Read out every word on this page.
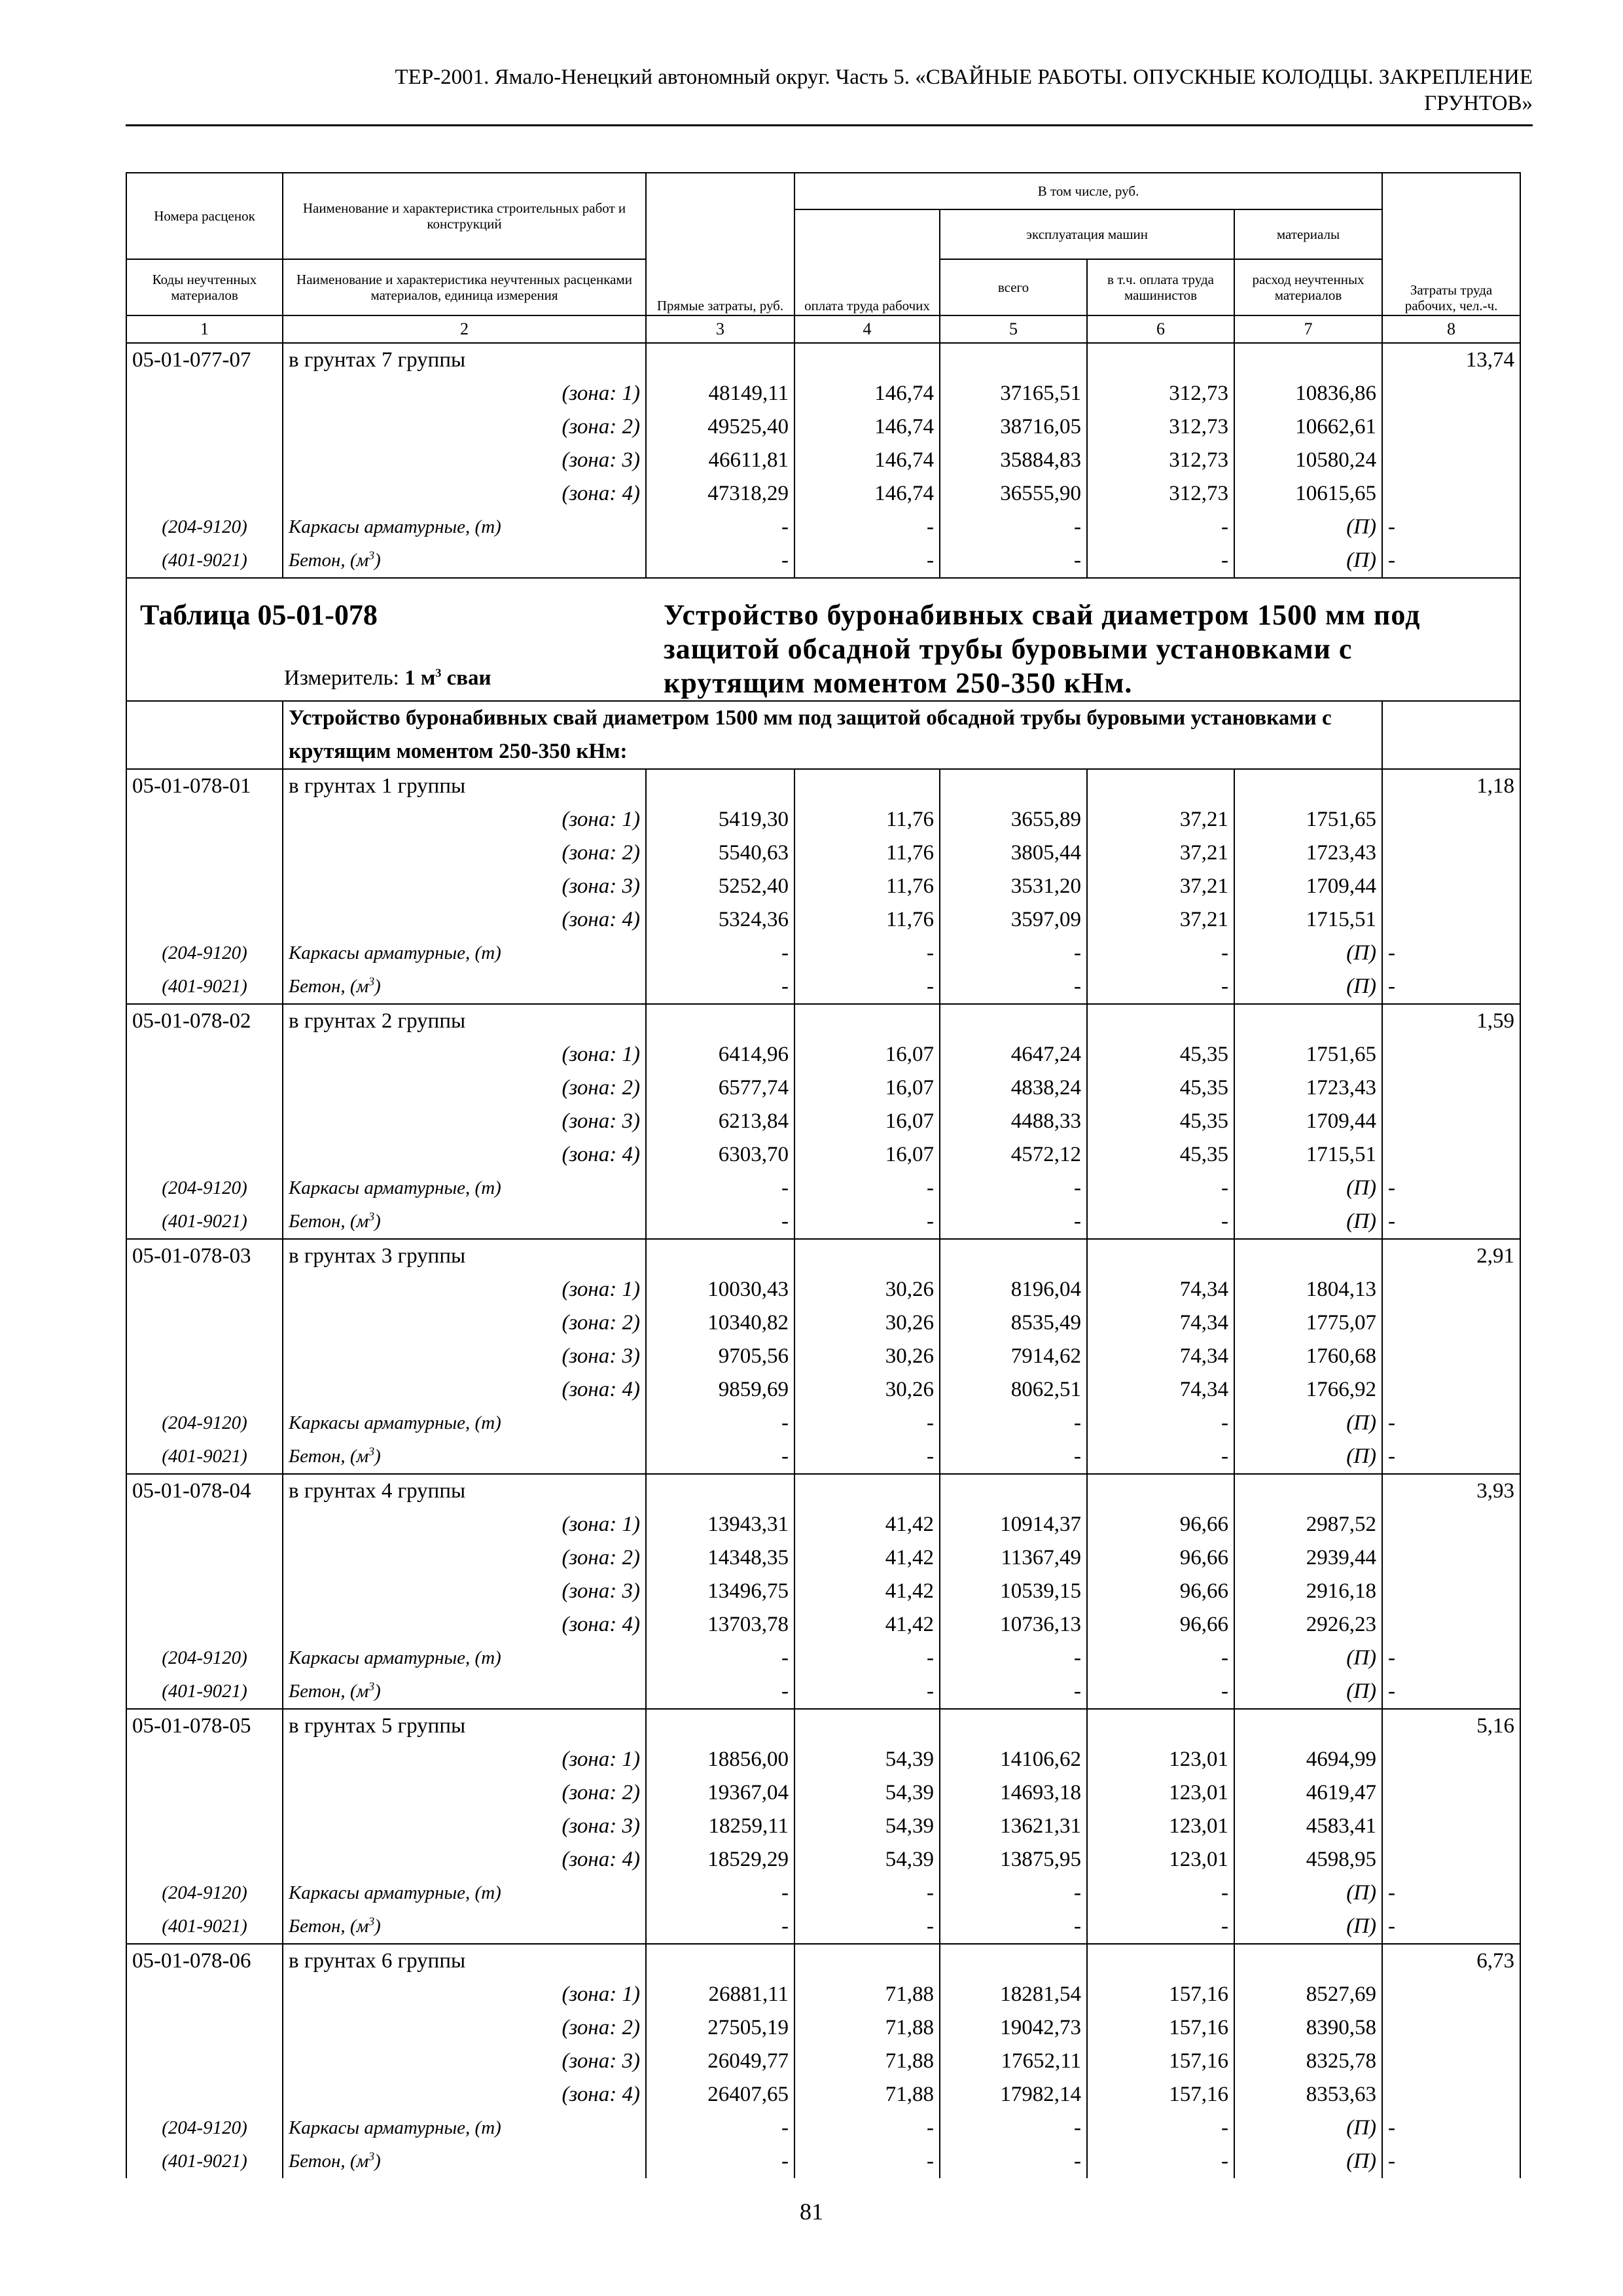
ТЕР-2001. Ямало-Ненецкий автономный округ. Часть 5. «СВАЙНЫЕ РАБОТЫ. ОПУСКНЫЕ КОЛОДЦЫ. ЗАКРЕПЛЕНИЕ
ГРУНТОВ»
Номера расценок	Наименование и характеристика строительных работ и конструкций	Прямые затраты, руб.	В том числе, руб.				Затраты труда рабочих, чел.-ч.
			оплата труда рабочих	эксплуатация машин		материалы	
Коды неучтенных материалов	Наименование и характеристика неучтенных расценками материалов, единица измерения			всего	в т.ч. оплата труда машинистов	расход неучтенных материалов	
1	2	3	4	5	6	7	8
05-01-077-07	в грунтах 7 группы						13,74
	(зона: 1)	48149,11	146,74	37165,51	312,73	10836,86	
	(зона: 2)	49525,40	146,74	38716,05	312,73	10662,61	
	(зона: 3)	46611,81	146,74	35884,83	312,73	10580,24	
	(зона: 4)	47318,29	146,74	36555,90	312,73	10615,65	
(204-9120)	Каркасы арматурные, (т)	-	-	-	-	(П)	-
(401-9021)	Бетон, $(м^3)$	-	-	-	-	(П)	-

Таблица 05-01-078
Измеритель: 1 $м^3$ сваи
Устройство буронабивных свай диаметром 1500 мм под защитой обсадной трубы буровыми установками с крутящим моментом 250-350 кНм.							

	Устройство буронабивных свай диаметром 1500 мм под защитой обсадной трубы буровыми установками с крутящим моментом 250-350 кНм:						
05-01-078-01	в грунтах 1 группы						1,18
	(зона: 1)	5419,30	11,76	3655,89	37,21	1751,65	
	(зона: 2)	5540,63	11,76	3805,44	37,21	1723,43	
	(зона: 3)	5252,40	11,76	3531,20	37,21	1709,44	
	(зона: 4)	5324,36	11,76	3597,09	37,21	1715,51	
(204-9120)	Каркасы арматурные, (т)	-	-	-	-	(П)	-
(401-9021)	Бетон, $(м^3)$	-	-	-	-	(П)	-
05-01-078-02	в грунтах 2 группы						1,59
	(зона: 1)	6414,96	16,07	4647,24	45,35	1751,65	
	(зона: 2)	6577,74	16,07	4838,24	45,35	1723,43	
	(зона: 3)	6213,84	16,07	4488,33	45,35	1709,44	
	(зона: 4)	6303,70	16,07	4572,12	45,35	1715,51	
(204-9120)	Каркасы арматурные, (т)	-	-	-	-	(П)	-
(401-9021)	Бетон, $(м^3)$	-	-	-	-	(П)	-
05-01-078-03	в грунтах 3 группы						2,91
	(зона: 1)	10030,43	30,26	8196,04	74,34	1804,13	
	(зона: 2)	10340,82	30,26	8535,49	74,34	1775,07	
	(зона: 3)	9705,56	30,26	7914,62	74,34	1760,68	
	(зона: 4)	9859,69	30,26	8062,51	74,34	1766,92	
(204-9120)	Каркасы арматурные, (т)	-	-	-	-	(П)	-
(401-9021)	Бетон, $(м^3)$	-	-	-	-	(П)	-
05-01-078-04	в грунтах 4 группы						3,93
	(зона: 1)	13943,31	41,42	10914,37	96,66	2987,52	
	(зона: 2)	14348,35	41,42	11367,49	96,66	2939,44	
	(зона: 3)	13496,75	41,42	10539,15	96,66	2916,18	
	(зона: 4)	13703,78	41,42	10736,13	96,66	2926,23	
(204-9120)	Каркасы арматурные, (т)	-	-	-	-	(П)	-
(401-9021)	Бетон, $(м^3)$	-	-	-	-	(П)	-
05-01-078-05	в грунтах 5 группы						5,16
	(зона: 1)	18856,00	54,39	14106,62	123,01	4694,99	
	(зона: 2)	19367,04	54,39	14693,18	123,01	4619,47	
	(зона: 3)	18259,11	54,39	13621,31	123,01	4583,41	
	(зона: 4)	18529,29	54,39	13875,95	123,01	4598,95	
(204-9120)	Каркасы арматурные, (т)	-	-	-	-	(П)	-
(401-9021)	Бетон, $(м^3)$	-	-	-	-	(П)	-
05-01-078-06	в грунтах 6 группы						6,73
	(зона: 1)	26881,11	71,88	18281,54	157,16	8527,69	
	(зона: 2)	27505,19	71,88	19042,73	157,16	8390,58	
	(зона: 3)	26049,77	71,88	17652,11	157,16	8325,78	
	(зона: 4)	26407,65	71,88	17982,14	157,16	8353,63	
(204-9120)	Каркасы арматурные, (т)	-	-	-	-	(П)	-
(401-9021)	Бетон, $(м^3)$	-	-	-	-	(П)	-
81
